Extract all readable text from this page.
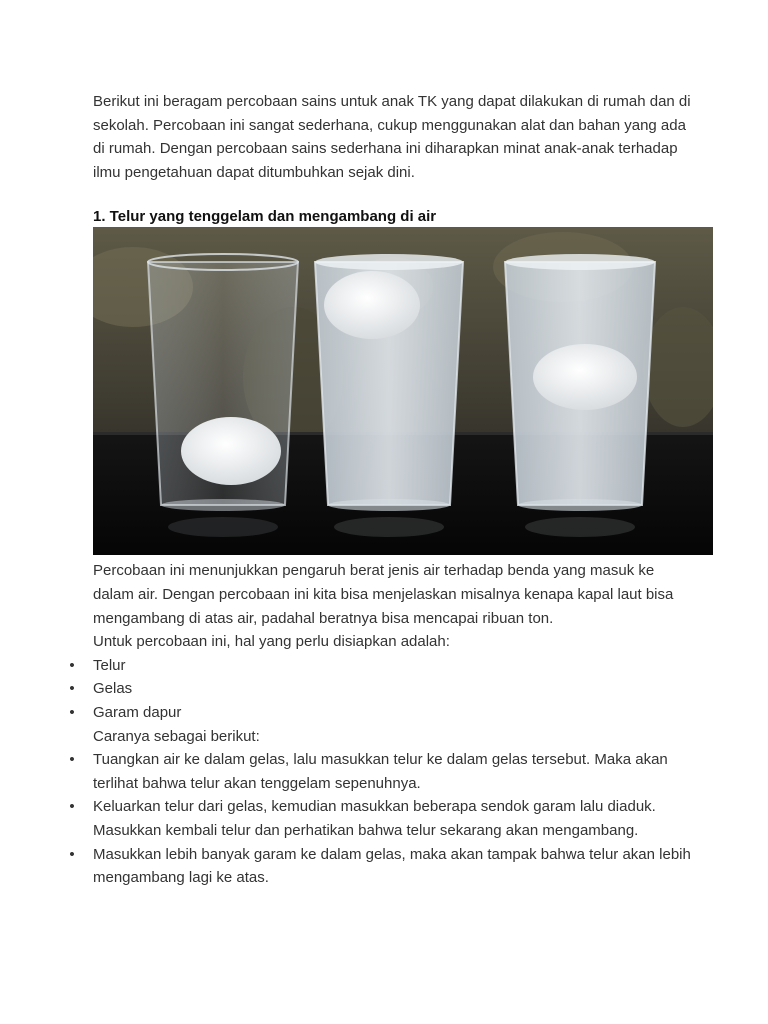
Berikut ini beragam percobaan sains untuk anak TK yang dapat dilakukan di rumah dan di sekolah. Percobaan ini sangat sederhana, cukup menggunakan alat dan bahan yang ada di rumah. Dengan percobaan sains sederhana ini diharapkan minat anak-anak terhadap ilmu pengetahuan dapat ditumbuhkan sejak dini.

1. Telur yang tenggelam dan mengambang di air

Percobaan ini menunjukkan pengaruh berat jenis air terhadap benda yang masuk ke dalam air. Dengan percobaan ini kita bisa menjelaskan misalnya kenapa kapal laut bisa mengambang di atas air, padahal beratnya bisa mencapai ribuan ton.

Untuk percobaan ini, hal yang perlu disiapkan adalah:

• Telur
• Gelas
• Garam dapur

Caranya sebagai berikut:

• Tuangkan air ke dalam gelas, lalu masukkan telur ke dalam gelas tersebut. Maka akan terlihat bahwa telur akan tenggelam sepenuhnya.
• Keluarkan telur dari gelas, kemudian masukkan beberapa sendok garam lalu diaduk. Masukkan kembali telur dan perhatikan bahwa telur sekarang akan mengambang.
• Masukkan lebih banyak garam ke dalam gelas, maka akan tampak bahwa telur akan lebih mengambang lagi ke atas.
